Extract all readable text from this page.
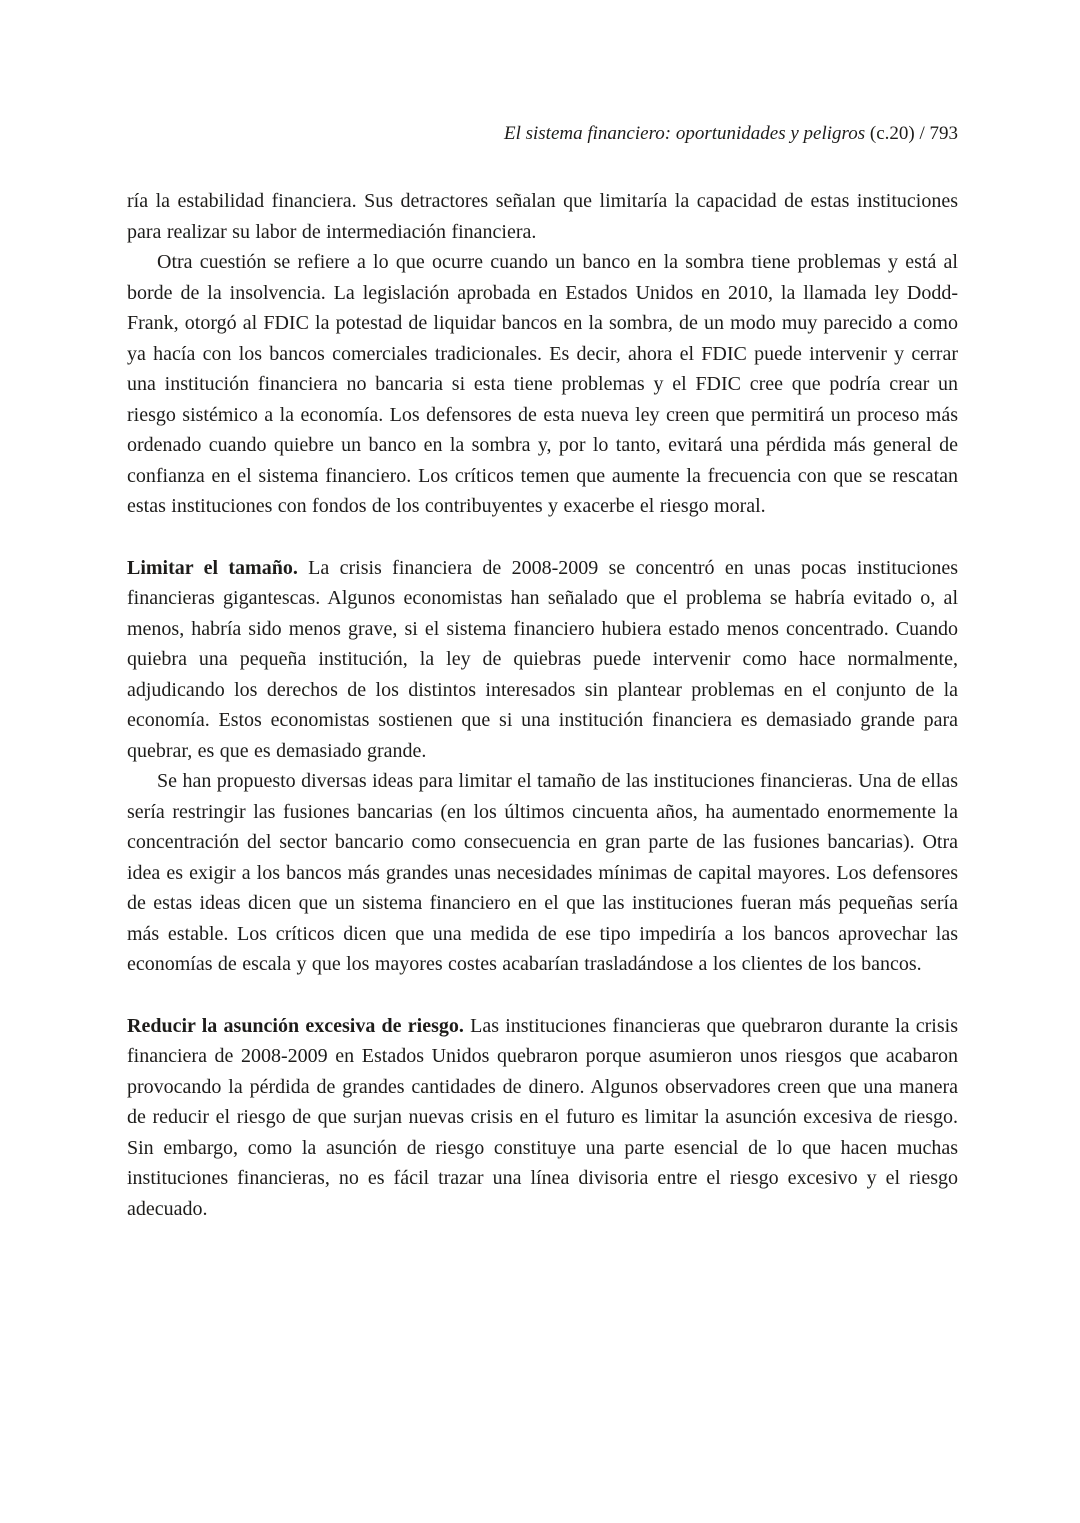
El sistema financiero: oportunidades y peligros (c.20) / 793

ría la estabilidad financiera. Sus detractores señalan que limitaría la capacidad de estas instituciones para realizar su labor de intermediación financiera.

Otra cuestión se refiere a lo que ocurre cuando un banco en la sombra tiene problemas y está al borde de la insolvencia. La legislación aprobada en Estados Unidos en 2010, la llamada ley Dodd-Frank, otorgó al FDIC la potestad de liquidar bancos en la sombra, de un modo muy parecido a como ya hacía con los bancos comerciales tradicionales. Es decir, ahora el FDIC puede intervenir y cerrar una institución financiera no bancaria si esta tiene problemas y el FDIC cree que podría crear un riesgo sistémico a la economía. Los defensores de esta nueva ley creen que permitirá un proceso más ordenado cuando quiebre un banco en la sombra y, por lo tanto, evitará una pérdida más general de confianza en el sistema financiero. Los críticos temen que aumente la frecuencia con que se rescatan estas instituciones con fondos de los contribuyentes y exacerbe el riesgo moral.

Limitar el tamaño. La crisis financiera de 2008-2009 se concentró en unas pocas instituciones financieras gigantescas. Algunos economistas han señalado que el problema se habría evitado o, al menos, habría sido menos grave, si el sistema financiero hubiera estado menos concentrado. Cuando quiebra una pequeña institución, la ley de quiebras puede intervenir como hace normalmente, adjudicando los derechos de los distintos interesados sin plantear problemas en el conjunto de la economía. Estos economistas sostienen que si una institución financiera es demasiado grande para quebrar, es que es demasiado grande.

Se han propuesto diversas ideas para limitar el tamaño de las instituciones financieras. Una de ellas sería restringir las fusiones bancarias (en los últimos cincuenta años, ha aumentado enormemente la concentración del sector bancario como consecuencia en gran parte de las fusiones bancarias). Otra idea es exigir a los bancos más grandes unas necesidades mínimas de capital mayores. Los defensores de estas ideas dicen que un sistema financiero en el que las instituciones fueran más pequeñas sería más estable. Los críticos dicen que una medida de ese tipo impediría a los bancos aprovechar las economías de escala y que los mayores costes acabarían trasladándose a los clientes de los bancos.

Reducir la asunción excesiva de riesgo. Las instituciones financieras que quebraron durante la crisis financiera de 2008-2009 en Estados Unidos quebraron porque asumieron unos riesgos que acabaron provocando la pérdida de grandes cantidades de dinero. Algunos observadores creen que una manera de reducir el riesgo de que surjan nuevas crisis en el futuro es limitar la asunción excesiva de riesgo. Sin embargo, como la asunción de riesgo constituye una parte esencial de lo que hacen muchas instituciones financieras, no es fácil trazar una línea divisoria entre el riesgo excesivo y el riesgo adecuado.
